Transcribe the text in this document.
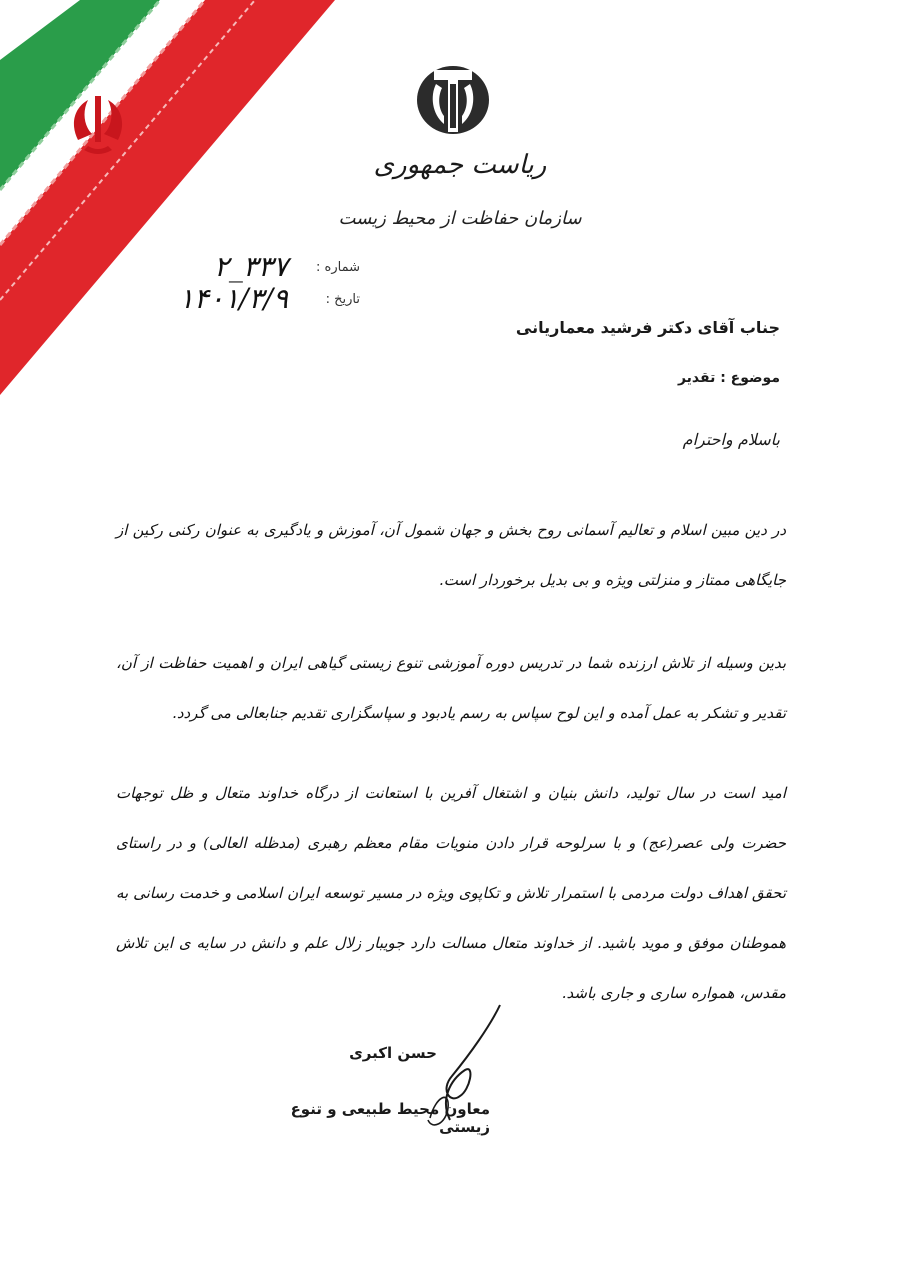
ریاست جمهوری
سازمان حفاظت از محیط زیست
شماره :
۳۳۷_۲
تاریخ :
۱۴۰۱/۳/۹
جناب آقای دکتر فرشید معماریانی
موضوع : تقدیر
باسلام واحترام
در دین مبین اسلام و تعالیم آسمانی روح بخش و جهان شمول آن، آموزش و یادگیری به عنوان رکنی رکین از جایگاهی ممتاز و منزلتی ویژه و بی بدیل برخوردار است.
بدین وسیله از تلاش ارزنده شما در تدریس دوره آموزشی تنوع زیستی گیاهی ایران و اهمیت حفاظت از آن، تقدیر و تشکر به عمل آمده و این لوح سپاس به رسم یادبود و سپاسگزاری تقدیم جنابعالی می گردد.
امید است در سال تولید، دانش بنیان و اشتغال آفرین با استعانت از درگاه خداوند متعال و ظل توجهات حضرت ولی عصر(عج) و با سرلوحه قرار دادن منویات مقام معظم رهبری (مدظله العالی) و در راستای تحقق اهداف دولت مردمی با استمرار تلاش و تکاپوی ویژه در مسیر توسعه ایران اسلامی و خدمت رسانی به هموطنان موفق و موید باشید. از خداوند متعال مسالت دارد جویبار زلال علم و دانش در سایه ی این تلاش مقدس، همواره ساری و جاری باشد.
حسن اکبری
معاون محیط طبیعی و تنوع زیستی
